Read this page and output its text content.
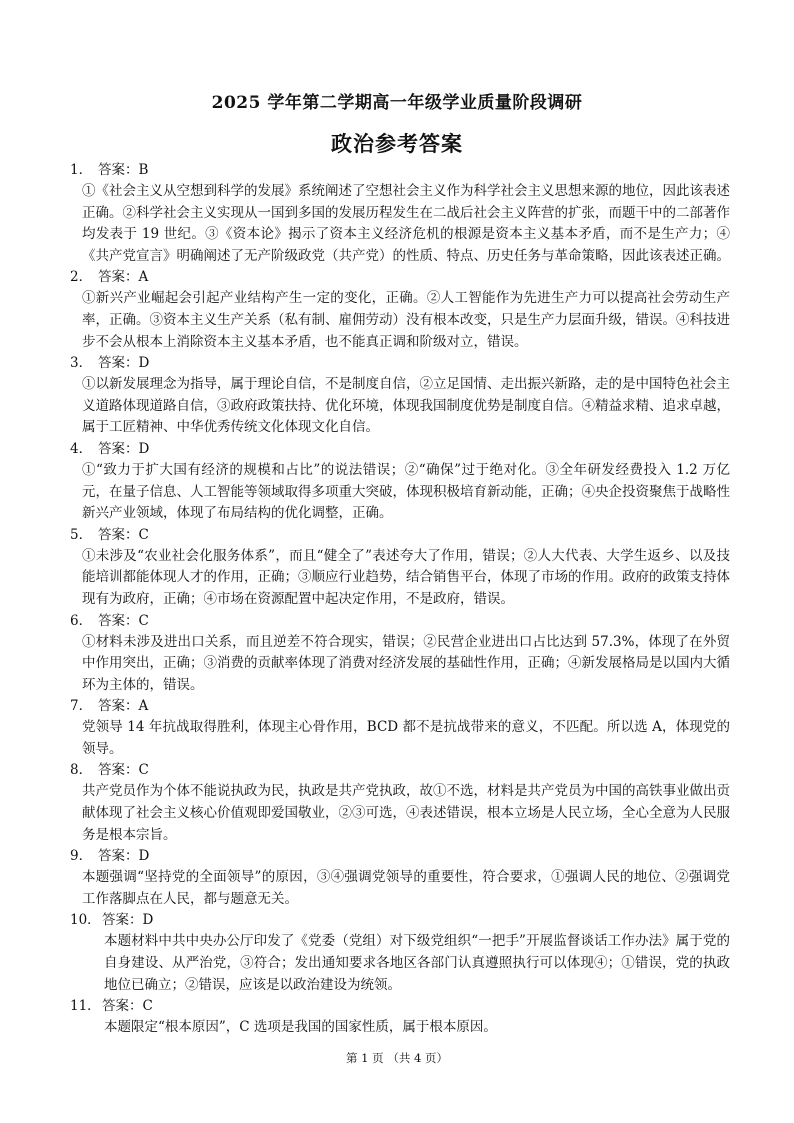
2025 学年第二学期高一年级学业质量阶段调研
政治参考答案
1． 答案：B
①《社会主义从空想到科学的发展》系统阐述了空想社会主义作为科学社会主义思想来源的地位，因此该表述正确。②科学社会主义实现从一国到多国的发展历程发生在二战后社会主义阵营的扩张，而题干中的二部著作均发表于 19 世纪。③《资本论》揭示了资本主义经济危机的根源是资本主义基本矛盾，而不是生产力；④《共产党宣言》明确阐述了无产阶级政党（共产党）的性质、特点、历史任务与革命策略，因此该表述正确。
2． 答案：A
①新兴产业崛起会引起产业结构产生一定的变化，正确。②人工智能作为先进生产力可以提高社会劳动生产率，正确。③资本主义生产关系（私有制、雇佣劳动）没有根本改变，只是生产力层面升级，错误。④科技进步不会从根本上消除资本主义基本矛盾，也不能真正调和阶级对立，错误。
3． 答案：D
①以新发展理念为指导，属于理论自信，不是制度自信，②立足国情、走出振兴新路，走的是中国特色社会主义道路体现道路自信，③政府政策扶持、优化环境，体现我国制度优势是制度自信。④精益求精、追求卓越，属于工匠精神、中华优秀传统文化体现文化自信。
4． 答案：D
①“致力于扩大国有经济的规模和占比”的说法错误；②“确保”过于绝对化。③全年研发经费投入 1.2 万亿元，在量子信息、人工智能等领域取得多项重大突破，体现积极培育新动能，正确；④央企投资聚焦于战略性新兴产业领域，体现了布局结构的优化调整，正确。
5． 答案：C
①未涉及“农业社会化服务体系”，而且“健全了”表述夸大了作用，错误；②人大代表、大学生返乡、以及技能培训都能体现人才的作用，正确；③顺应行业趋势，结合销售平台，体现了市场的作用。政府的政策支持体现有为政府，正确；④市场在资源配置中起决定作用，不是政府，错误。
6． 答案：C
①材料未涉及进出口关系，而且逆差不符合现实，错误；②民营企业进出口占比达到 57.3%，体现了在外贸中作用突出，正确；③消费的贡献率体现了消费对经济发展的基础性作用，正确；④新发展格局是以国内大循环为主体的，错误。
7． 答案：A
党领导 14 年抗战取得胜利，体现主心骨作用，BCD 都不是抗战带来的意义，不匹配。所以选 A，体现党的领导。
8． 答案：C
共产党员作为个体不能说执政为民，执政是共产党执政，故①不选，材料是共产党员为中国的高铁事业做出贡献体现了社会主义核心价值观即爱国敬业，②③可选，④表述错误，根本立场是人民立场，全心全意为人民服务是根本宗旨。
9． 答案：D
本题强调“坚持党的全面领导”的原因，③④强调党领导的重要性，符合要求，①强调人民的地位、②强调党工作落脚点在人民，都与题意无关。
10．答案：D
本题材料中共中央办公厅印发了《党委（党组）对下级党组织“一把手”开展监督谈话工作办法》属于党的自身建设、从严治党，③符合；发出通知要求各地区各部门认真遵照执行可以体现④；①错误，党的执政地位已确立；②错误，应该是以政治建设为统领。
11．答案：C
本题限定“根本原因”，C 选项是我国的国家性质，属于根本原因。
第 1 页 （共 4 页）
